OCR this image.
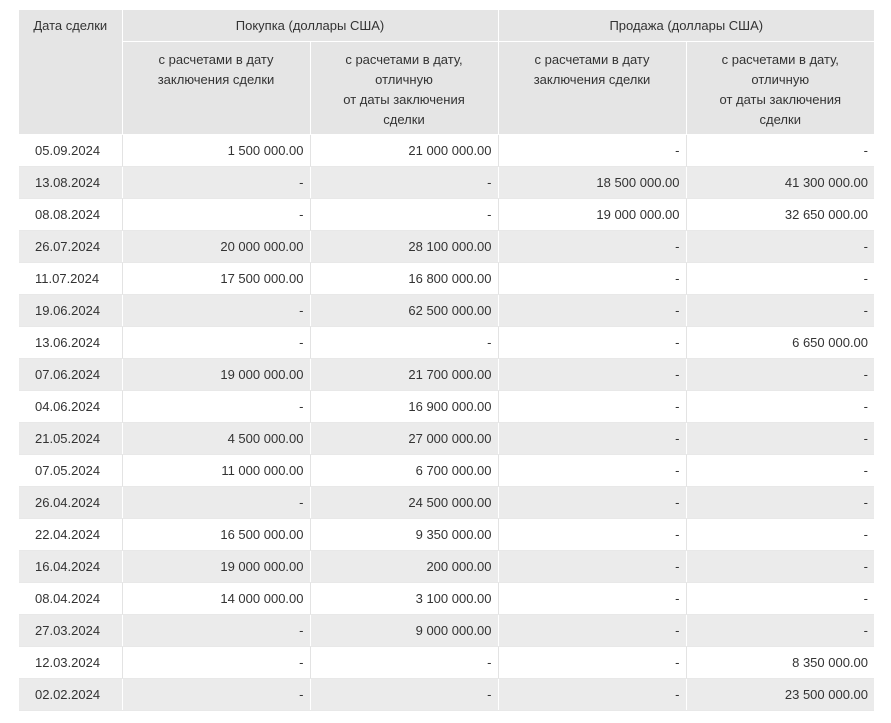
Дата сделки	Покупка (доллары США)		Продажа (доллары США)	
	с расчетами в дату заключения сделки	с расчетами в дату,
отличную
от даты заключения
сделки	с расчетами в дату заключения сделки	с расчетами в дату,
отличную
от даты заключения
сделки
05.09.2024	1 500 000.00	21 000 000.00	-	-
13.08.2024	-	-	18 500 000.00	41 300 000.00
08.08.2024	-	-	19 000 000.00	32 650 000.00
26.07.2024	20 000 000.00	28 100 000.00	-	-
11.07.2024	17 500 000.00	16 800 000.00	-	-
19.06.2024	-	62 500 000.00	-	-
13.06.2024	-	-	-	6 650 000.00
07.06.2024	19 000 000.00	21 700 000.00	-	-
04.06.2024	-	16 900 000.00	-	-
21.05.2024	4 500 000.00	27 000 000.00	-	-
07.05.2024	11 000 000.00	6 700 000.00	-	-
26.04.2024	-	24 500 000.00	-	-
22.04.2024	16 500 000.00	9 350 000.00	-	-
16.04.2024	19 000 000.00	200 000.00	-	-
08.04.2024	14 000 000.00	3 100 000.00	-	-
27.03.2024	-	9 000 000.00	-	-
12.03.2024	-	-	-	8 350 000.00
02.02.2024	-	-	-	23 500 000.00
